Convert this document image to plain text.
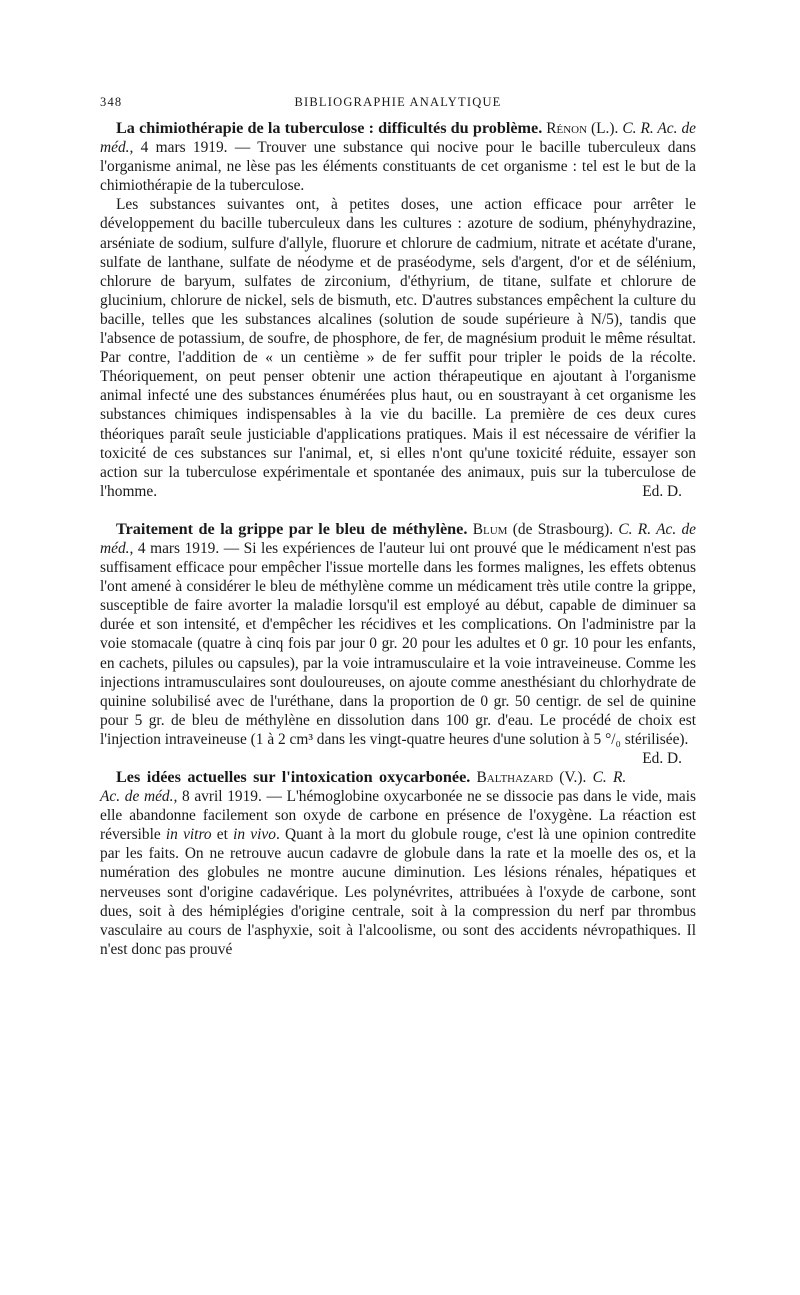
348	BIBLIOGRAPHIE ANALYTIQUE

La chimiothérapie de la tuberculose : difficultés du problème. Rénon (L.). C. R. Ac. de méd., 4 mars 1919. — Trouver une substance qui nocive pour le bacille tuberculeux dans l'organisme animal, ne lèse pas les éléments constituants de cet organisme : tel est le but de la chimiothérapie de la tuberculose.

Les substances suivantes ont, à petites doses, une action efficace pour arrêter le développement du bacille tuberculeux dans les cultures : azoture de sodium, phényhydrazine, arséniate de sodium, sulfure d'allyle, fluorure et chlorure de cadmium, nitrate et acétate d'urane, sulfate de lanthane, sulfate de néodyme et de praséodyme, sels d'argent, d'or et de sélénium, chlorure de baryum, sulfates de zirconium, d'éthyrium, de titane, sulfate et chlorure de glucinium, chlorure de nickel, sels de bismuth, etc. D'autres substances empêchent la culture du bacille, telles que les substances alcalines (solution de soude supérieure à N/5), tandis que l'absence de potassium, de soufre, de phosphore, de fer, de magnésium produit le même résultat. Par contre, l'addition de « un centième » de fer suffit pour tripler le poids de la récolte. Théoriquement, on peut penser obtenir une action thérapeutique en ajoutant à l'organisme animal infecté une des substances énumérées plus haut, ou en soustrayant à cet organisme les substances chimiques indispensables à la vie du bacille. La première de ces deux cures théoriques paraît seule justiciable d'applications pratiques. Mais il est nécessaire de vérifier la toxicité de ces substances sur l'animal, et, si elles n'ont qu'une toxicité réduite, essayer son action sur la tuberculose expérimentale et spontanée des animaux, puis sur la tuberculose de l'homme.	Ed. D.

Traitement de la grippe par le bleu de méthylène. Blum (de Strasbourg). C. R. Ac. de méd., 4 mars 1919. — Si les expériences de l'auteur lui ont prouvé que le médicament n'est pas suffisament efficace pour empêcher l'issue mortelle dans les formes malignes, les effets obtenus l'ont amené à considérer le bleu de méthylène comme un médicament très utile contre la grippe, susceptible de faire avorter la maladie lorsqu'il est employé au début, capable de diminuer sa durée et son intensité, et d'empêcher les récidives et les complications. On l'administre par la voie stomacale (quatre à cinq fois par jour 0 gr. 20 pour les adultes et 0 gr. 10 pour les enfants, en cachets, pilules ou capsules), par la voie intramusculaire et la voie intraveineuse. Comme les injections intramusculaires sont douloureuses, on ajoute comme anesthésiant du chlorhydrate de quinine solubilisé avec de l'uréthane, dans la proportion de 0 gr. 50 centigr. de sel de quinine pour 5 gr. de bleu de méthylène en dissolution dans 100 gr. d'eau. Le procédé de choix est l'injection intraveineuse (1 à 2 cm³ dans les vingt-quatre heures d'une solution à 5 °/₀ stérilisée).
Ed. D.

Les idées actuelles sur l'intoxication oxycarbonée. Balthazard (V.). C. R. Ac. de méd., 8 avril 1919. — L'hémoglobine oxycarbonée ne se dissocie pas dans le vide, mais elle abandonne facilement son oxyde de carbone en présence de l'oxygène. La réaction est réversible in vitro et in vivo. Quant à la mort du globule rouge, c'est là une opinion contredite par les faits. On ne retrouve aucun cadavre de globule dans la rate et la moelle des os, et la numération des globules ne montre aucune diminution. Les lésions rénales, hépatiques et nerveuses sont d'origine cadavérique. Les polynévrites, attribuées à l'oxyde de carbone, sont dues, soit à des hémiplégies d'origine centrale, soit à la compression du nerf par thrombus vasculaire au cours de l'asphyxie, soit à l'alcoolisme, ou sont des accidents névropathiques. Il n'est donc pas prouvé
